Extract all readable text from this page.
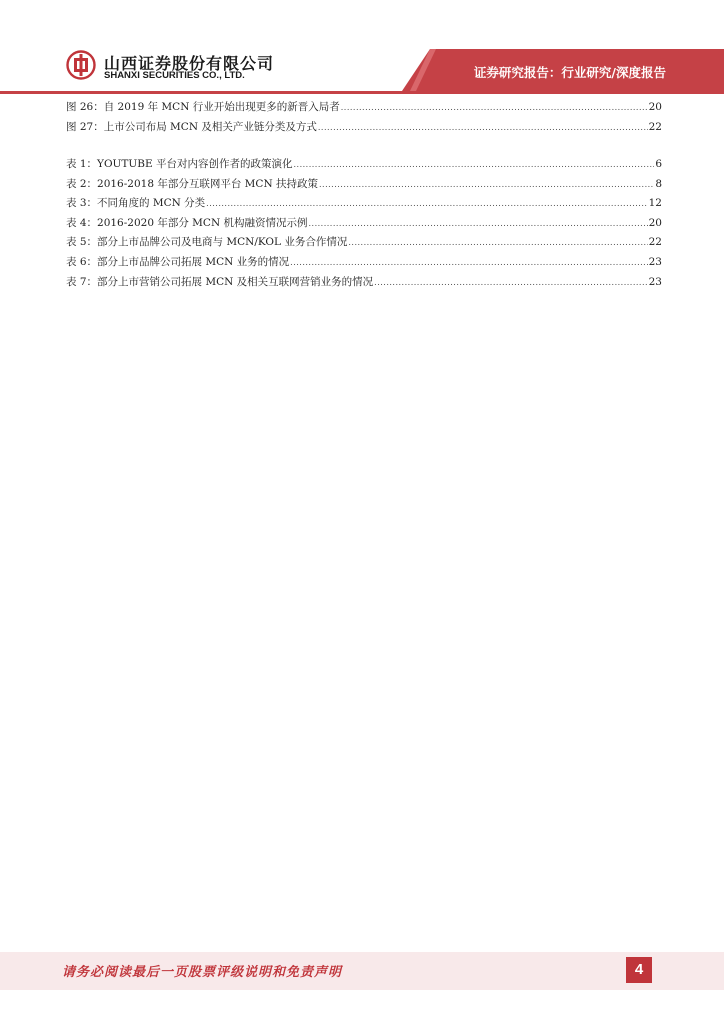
山西证券股份有限公司
SHANXI SECURITIES CO., LTD.	证券研究报告：行业研究/深度报告
图 26：自 2019 年 MCN 行业开始出现更多的新晋入局者 .....	20
图 27：上市公司布局 MCN 及相关产业链分类及方式 .....	22
表 1：YOUTUBE 平台对内容创作者的政策演化 .....	6
表 2：2016-2018 年部分互联网平台 MCN 扶持政策 .....	8
表 3：不同角度的 MCN 分类 .....	12
表 4：2016-2020 年部分 MCN 机构融资情况示例 .....	20
表 5：部分上市品牌公司及电商与 MCN/KOL 业务合作情况 .....	22
表 6：部分上市品牌公司拓展 MCN 业务的情况 .....	23
表 7：部分上市营销公司拓展 MCN 及相关互联网营销业务的情况 .....	23
请务必阅读最后一页股票评级说明和免责声明	4
